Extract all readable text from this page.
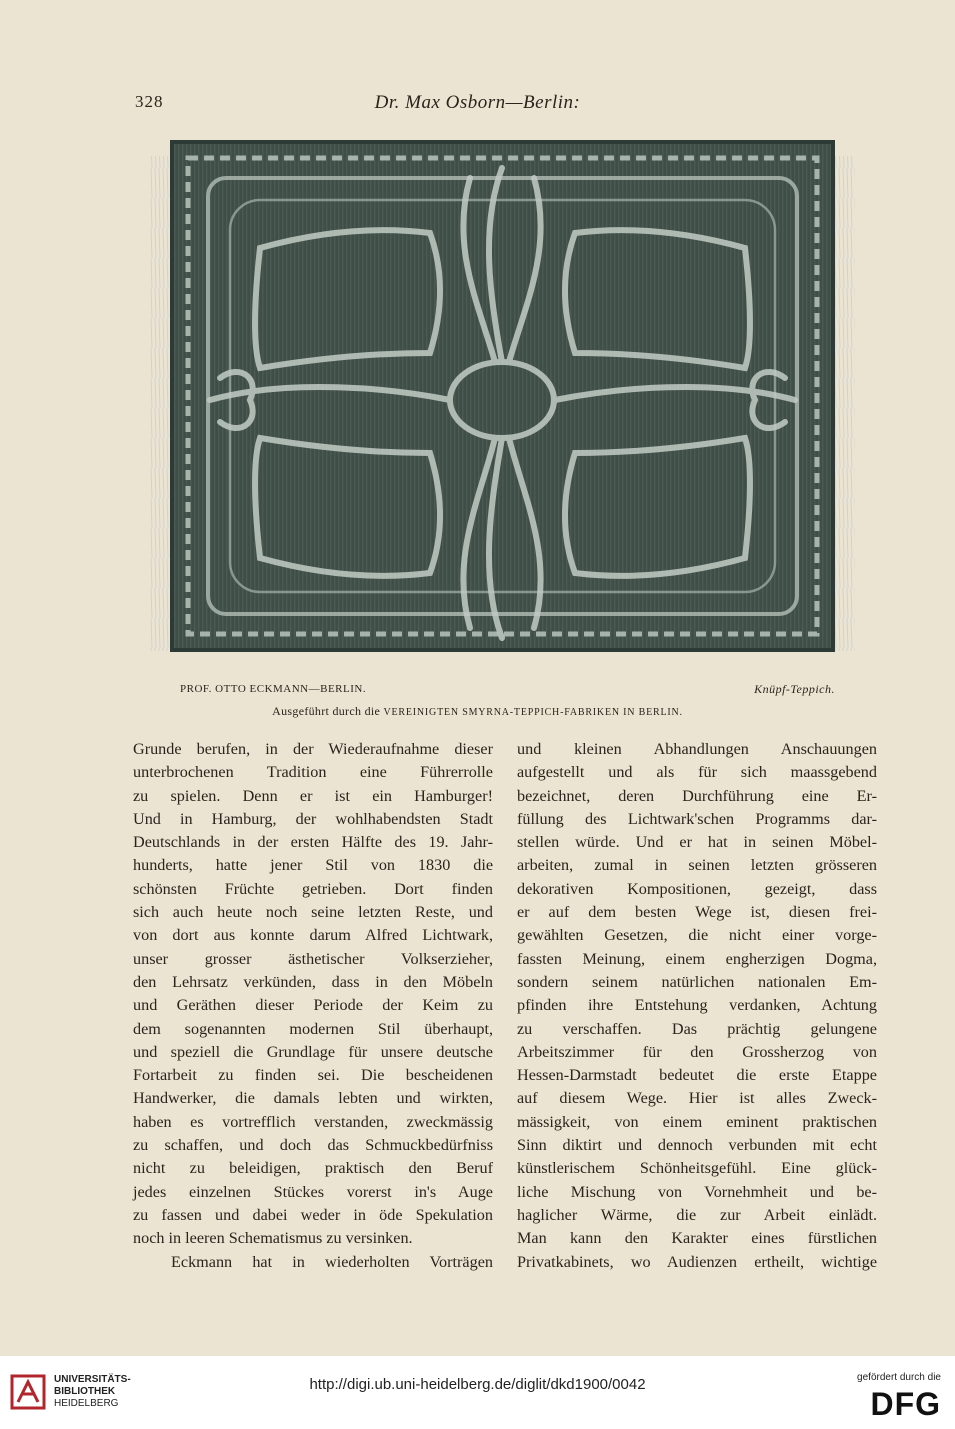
328	Dr. Max Osborn—Berlin:
PROF. OTTO ECKMANN—BERLIN.	Knüpf-Teppich.
Ausgeführt durch die VEREINIGTEN SMYRNA-TEPPICH-FABRIKEN IN BERLIN.
Grunde berufen, in der Wiederaufnahme dieser
unterbrochenen Tradition eine Führerrolle
zu spielen. Denn er ist ein Hamburger!
Und in Hamburg, der wohlhabendsten Stadt
Deutschlands in der ersten Hälfte des 19. Jahr-
hunderts, hatte jener Stil von 1830 die
schönsten Früchte getrieben. Dort finden
sich auch heute noch seine letzten Reste, und
von dort aus konnte darum Alfred Lichtwark,
unser grosser ästhetischer Volkserzieher,
den Lehrsatz verkünden, dass in den Möbeln
und Geräthen dieser Periode der Keim zu
dem sogenannten modernen Stil überhaupt,
und speziell die Grundlage für unsere deutsche
Fortarbeit zu finden sei. Die bescheidenen
Handwerker, die damals lebten und wirkten,
haben es vortrefflich verstanden, zweckmässig
zu schaffen, und doch das Schmuckbedürfniss
nicht zu beleidigen, praktisch den Beruf
jedes einzelnen Stückes vorerst in's Auge
zu fassen und dabei weder in öde Spekulation
noch in leeren Schematismus zu versinken.
Eckmann hat in wiederholten Vorträgen
und kleinen Abhandlungen Anschauungen
aufgestellt und als für sich maassgebend
bezeichnet, deren Durchführung eine Er-
füllung des Lichtwark'schen Programms dar-
stellen würde. Und er hat in seinen Möbel-
arbeiten, zumal in seinen letzten grösseren
dekorativen Kompositionen, gezeigt, dass
er auf dem besten Wege ist, diesen frei-
gewählten Gesetzen, die nicht einer vorge-
fassten Meinung, einem engherzigen Dogma,
sondern seinem natürlichen nationalen Em-
pfinden ihre Entstehung verdanken, Achtung
zu verschaffen. Das prächtig gelungene
Arbeitszimmer für den Grossherzog von
Hessen-Darmstadt bedeutet die erste Etappe
auf diesem Wege. Hier ist alles Zweck-
mässigkeit, von einem eminent praktischen
Sinn diktirt und dennoch verbunden mit echt
künstlerischem Schönheitsgefühl. Eine glück-
liche Mischung von Vornehmheit und be-
haglicher Wärme, die zur Arbeit einlädt.
Man kann den Karakter eines fürstlichen
Privatkabinets, wo Audienzen ertheilt, wichtige
UNIVERSITÄTS-
BIBLIOTHEK
HEIDELBERG
http://digi.ub.uni-heidelberg.de/diglit/dkd1900/0042	gefördert durch die
DFG
